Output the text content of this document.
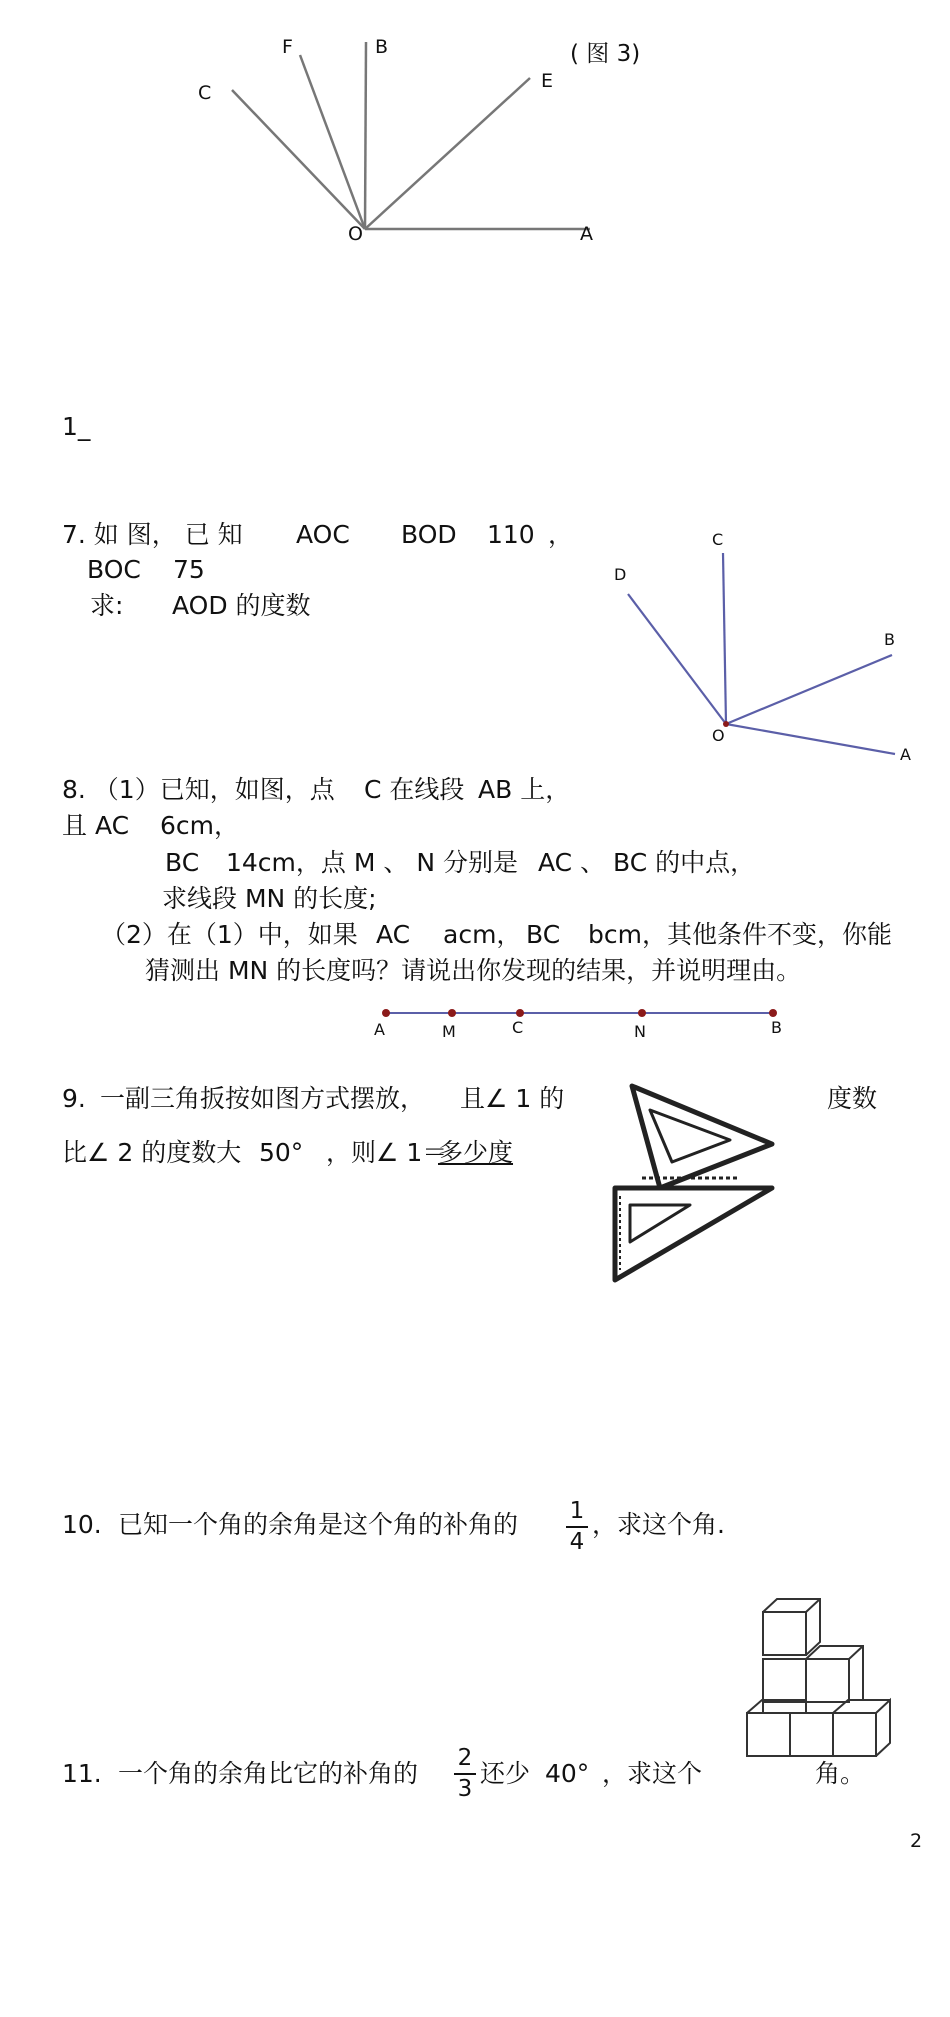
F	B
C
E
O	A
( 图 3)
1_
7. 如 图， 已 知 AOC BOD 110 ，
BOC 75
求: AOD 的度数
C
D
B
O
A
8. （1）已知，如图，点 C 在线段 AB 上，
且 AC 6cm，
BC 14cm，点 M 、 N 分别是 AC 、 BC 的中点，
求线段 MN 的长度;
（2）在（1）中，如果 AC acm， BC bcm，其他条件不变，你能
猜测出 MN 的长度吗？请说出你发现的结果，并说明理由。
A	M	C	N	B
9. 一副三角扳按如图方式摆放， 且∠ 1 的	度数
比∠ 2 的度数大 50° ，则∠ 1＝
多少度
10. 已知一个角的余角是这个角的补角的 1
4
，求这个角.
11. 一个角的余角比它的补角的
2
3
还少 40° ，求这个	角。
2
